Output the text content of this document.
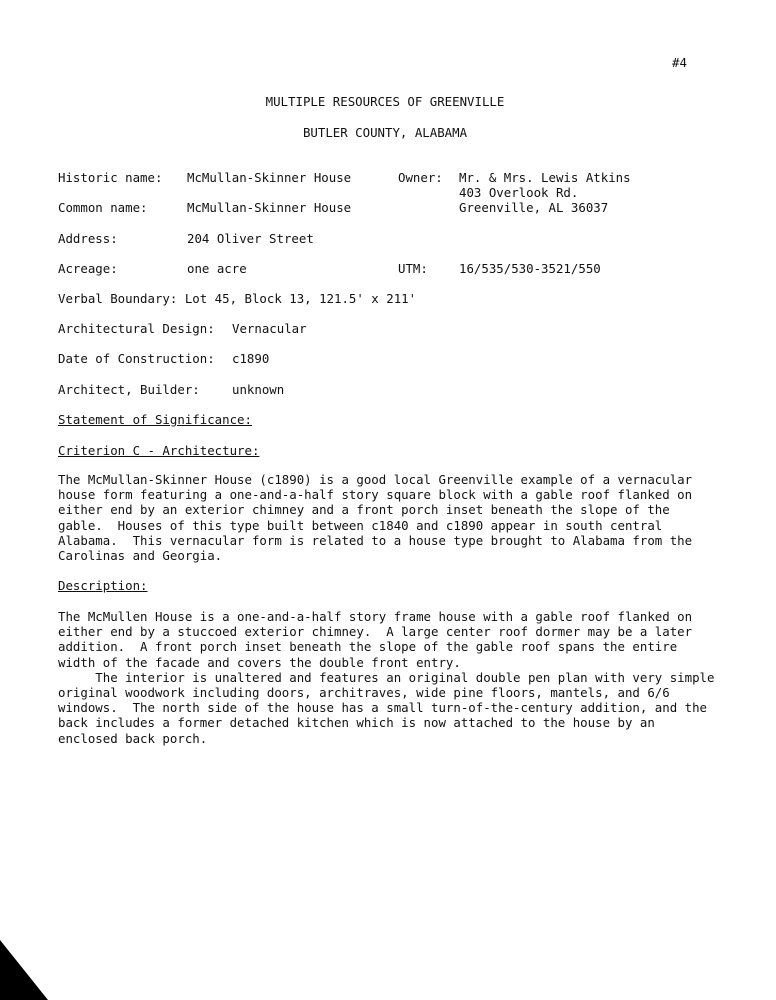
#4
MULTIPLE RESOURCES OF GREENVILLE
BUTLER COUNTY, ALABAMA
Historic name: McMullan-Skinner House	Owner: Mr. & Mrs. Lewis Atkins
403 Overlook Rd.
Greenville, AL 36037
Common name:	McMullan-Skinner House
Address:	204 Oliver Street
Acreage:	one acre	UTM:	16/535/530-3521/550
Verbal Boundary: Lot 45, Block 13, 121.5' x 211'
Architectural Design: Vernacular
Date of Construction: c1890
Architect, Builder:	unknown
Statement of Significance:
Criterion C - Architecture:
The McMullan-Skinner House (c1890) is a good local Greenville example of a vernacular
house form featuring a one-and-a-half story square block with a gable roof flanked on
either end by an exterior chimney and a front porch inset beneath the slope of the
gable.  Houses of this type built between c1840 and c1890 appear in south central
Alabama.  This vernacular form is related to a house type brought to Alabama from the
Carolinas and Georgia.
Description:
The McMullen House is a one-and-a-half story frame house with a gable roof flanked on
either end by a stuccoed exterior chimney.  A large center roof dormer may be a later
addition.  A front porch inset beneath the slope of the gable roof spans the entire
width of the facade and covers the double front entry.
The interior is unaltered and features an original double pen plan with very simple
original woodwork including doors, architraves, wide pine floors, mantels, and 6/6
windows.  The north side of the house has a small turn-of-the-century addition, and the
back includes a former detached kitchen which is now attached to the house by an
enclosed back porch.
